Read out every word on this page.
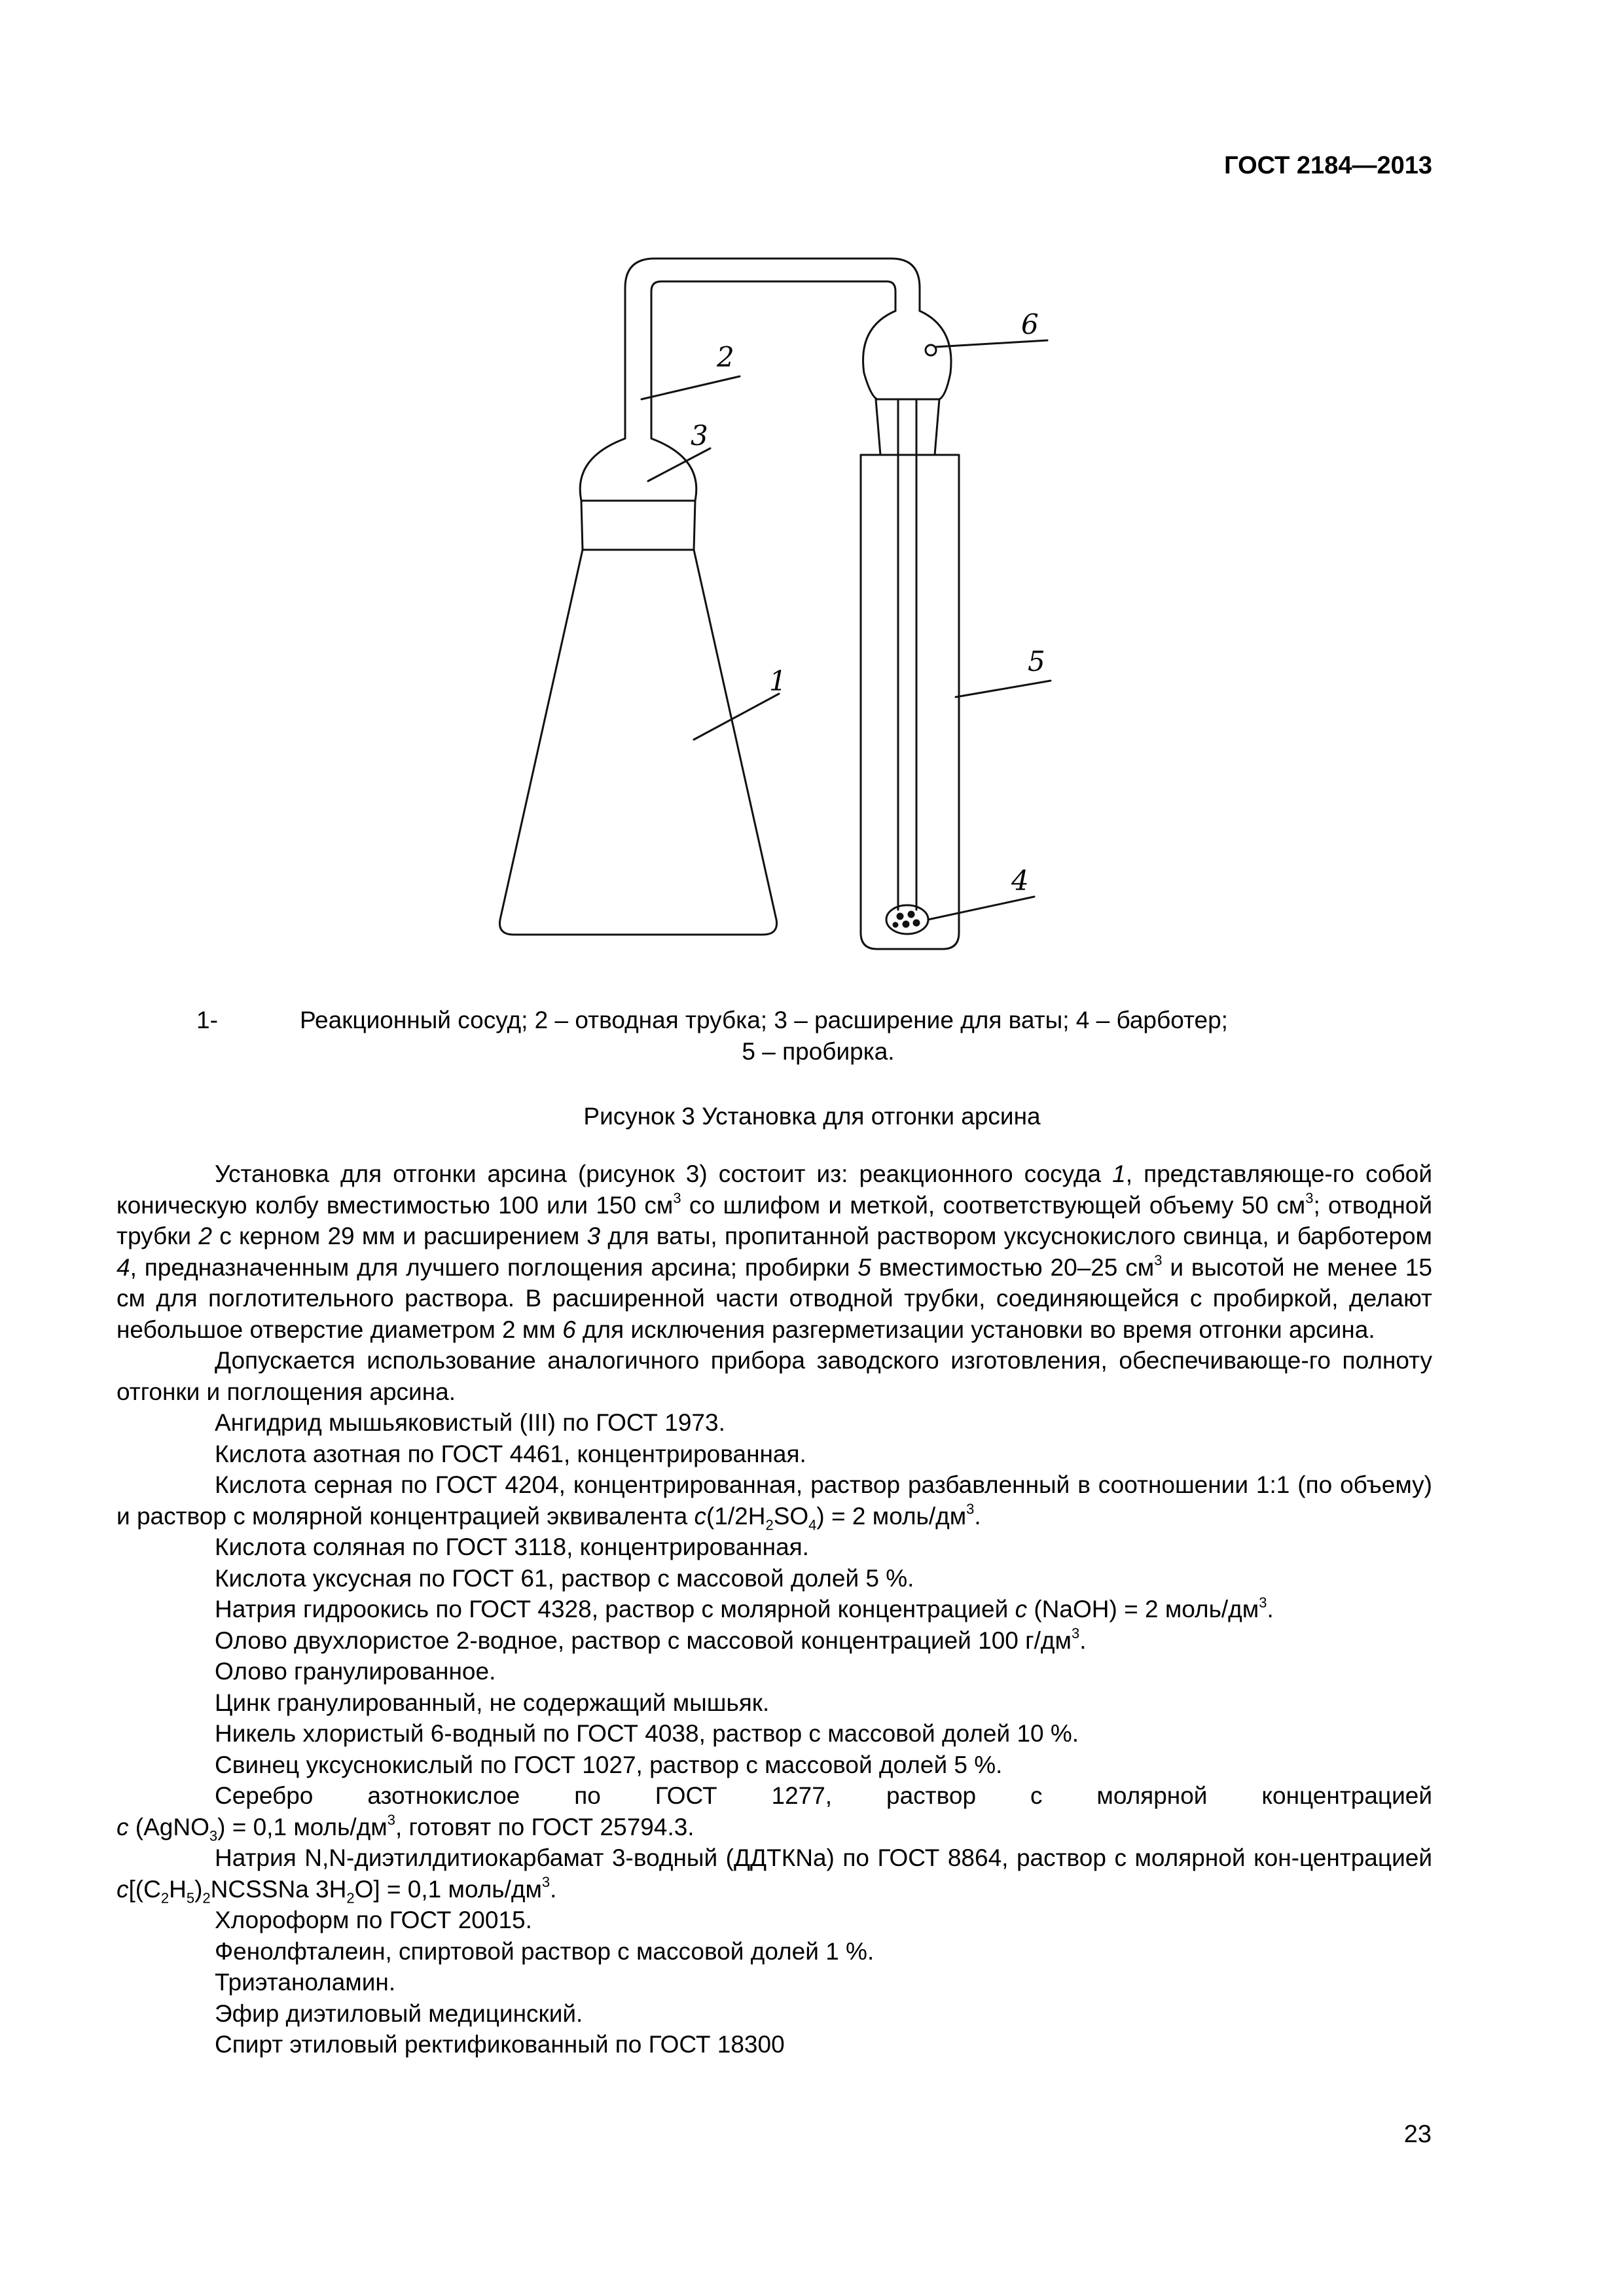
ГОСТ 2184—2013
1
2
3
4
5
6
1-	Реакционный сосуд; 2 – отводная трубка; 3 – расширение для ваты; 4 – барботер;
5 – пробирка.
Рисунок 3 Установка для отгонки арсина

Установка для отгонки арсина (рисунок 3) состоит из: реакционного сосуда 1, представляюще-го собой коническую колбу вместимостью 100 или 150 $см^3$ со шлифом и меткой, соответствующей объему 50 $см^3$; отводной трубки 2 с керном 29 мм и расширением 3 для ваты, пропитанной раствором уксуснокислого свинца, и барботером 4, предназначенным для лучшего поглощения арсина; пробирки 5 вместимостью 20–25 $см^3$ и высотой не менее 15 см для поглотительного раствора. В расширенной части отводной трубки, соединяющейся с пробиркой, делают небольшое отверстие диаметром 2 мм 6 для исключения разгерметизации установки во время отгонки арсина.

Допускается использование аналогичного прибора заводского изготовления, обеспечивающе-го полноту отгонки и поглощения арсина.

Ангидрид мышьяковистый (III) по ГОСТ 1973.

Кислота азотная по ГОСТ 4461, концентрированная.

Кислота серная по ГОСТ 4204, концентрированная, раствор разбавленный в соотношении 1:1 (по объему) и раствор с молярной концентрацией эквивалента $с(1/2H_2SO_4) = 2$ моль/$дм^3$.

Кислота соляная по ГОСТ 3118, концентрированная.

Кислота уксусная по ГОСТ 61, раствор с массовой долей 5 %.

Натрия гидроокись по ГОСТ 4328, раствор с молярной концентрацией с (NaOH) = 2 моль/$дм^3$.

Олово двухлористое 2-водное, раствор с массовой концентрацией 100 $г/дм^3$.

Олово гранулированное.

Цинк гранулированный, не содержащий мышьяк.

Никель хлористый 6-водный по ГОСТ 4038, раствор с массовой долей 10 %.

Свинец уксуснокислый по ГОСТ 1027, раствор с массовой долей 5 %.

Серебро азотнокислое по ГОСТ 1277, раствор с молярной концентрацией

с (AgNO$_3$) = 0,1 моль/$дм^3$, готовят по ГОСТ 25794.3.

Натрия N,N-диэтилдитиокарбамат 3-водный (ДДТКNa) по ГОСТ 8864, раствор с молярной кон-центрацией $с[(C_2H_5)_2NCSSNa$ $3H_2O] = 0,1$ моль/$дм^3$.

Хлороформ по ГОСТ 20015.

Фенолфталеин, спиртовой раствор с массовой долей 1 %.

Триэтаноламин.

Эфир диэтиловый медицинский.

Спирт этиловый ректификованный по ГОСТ 18300

23
